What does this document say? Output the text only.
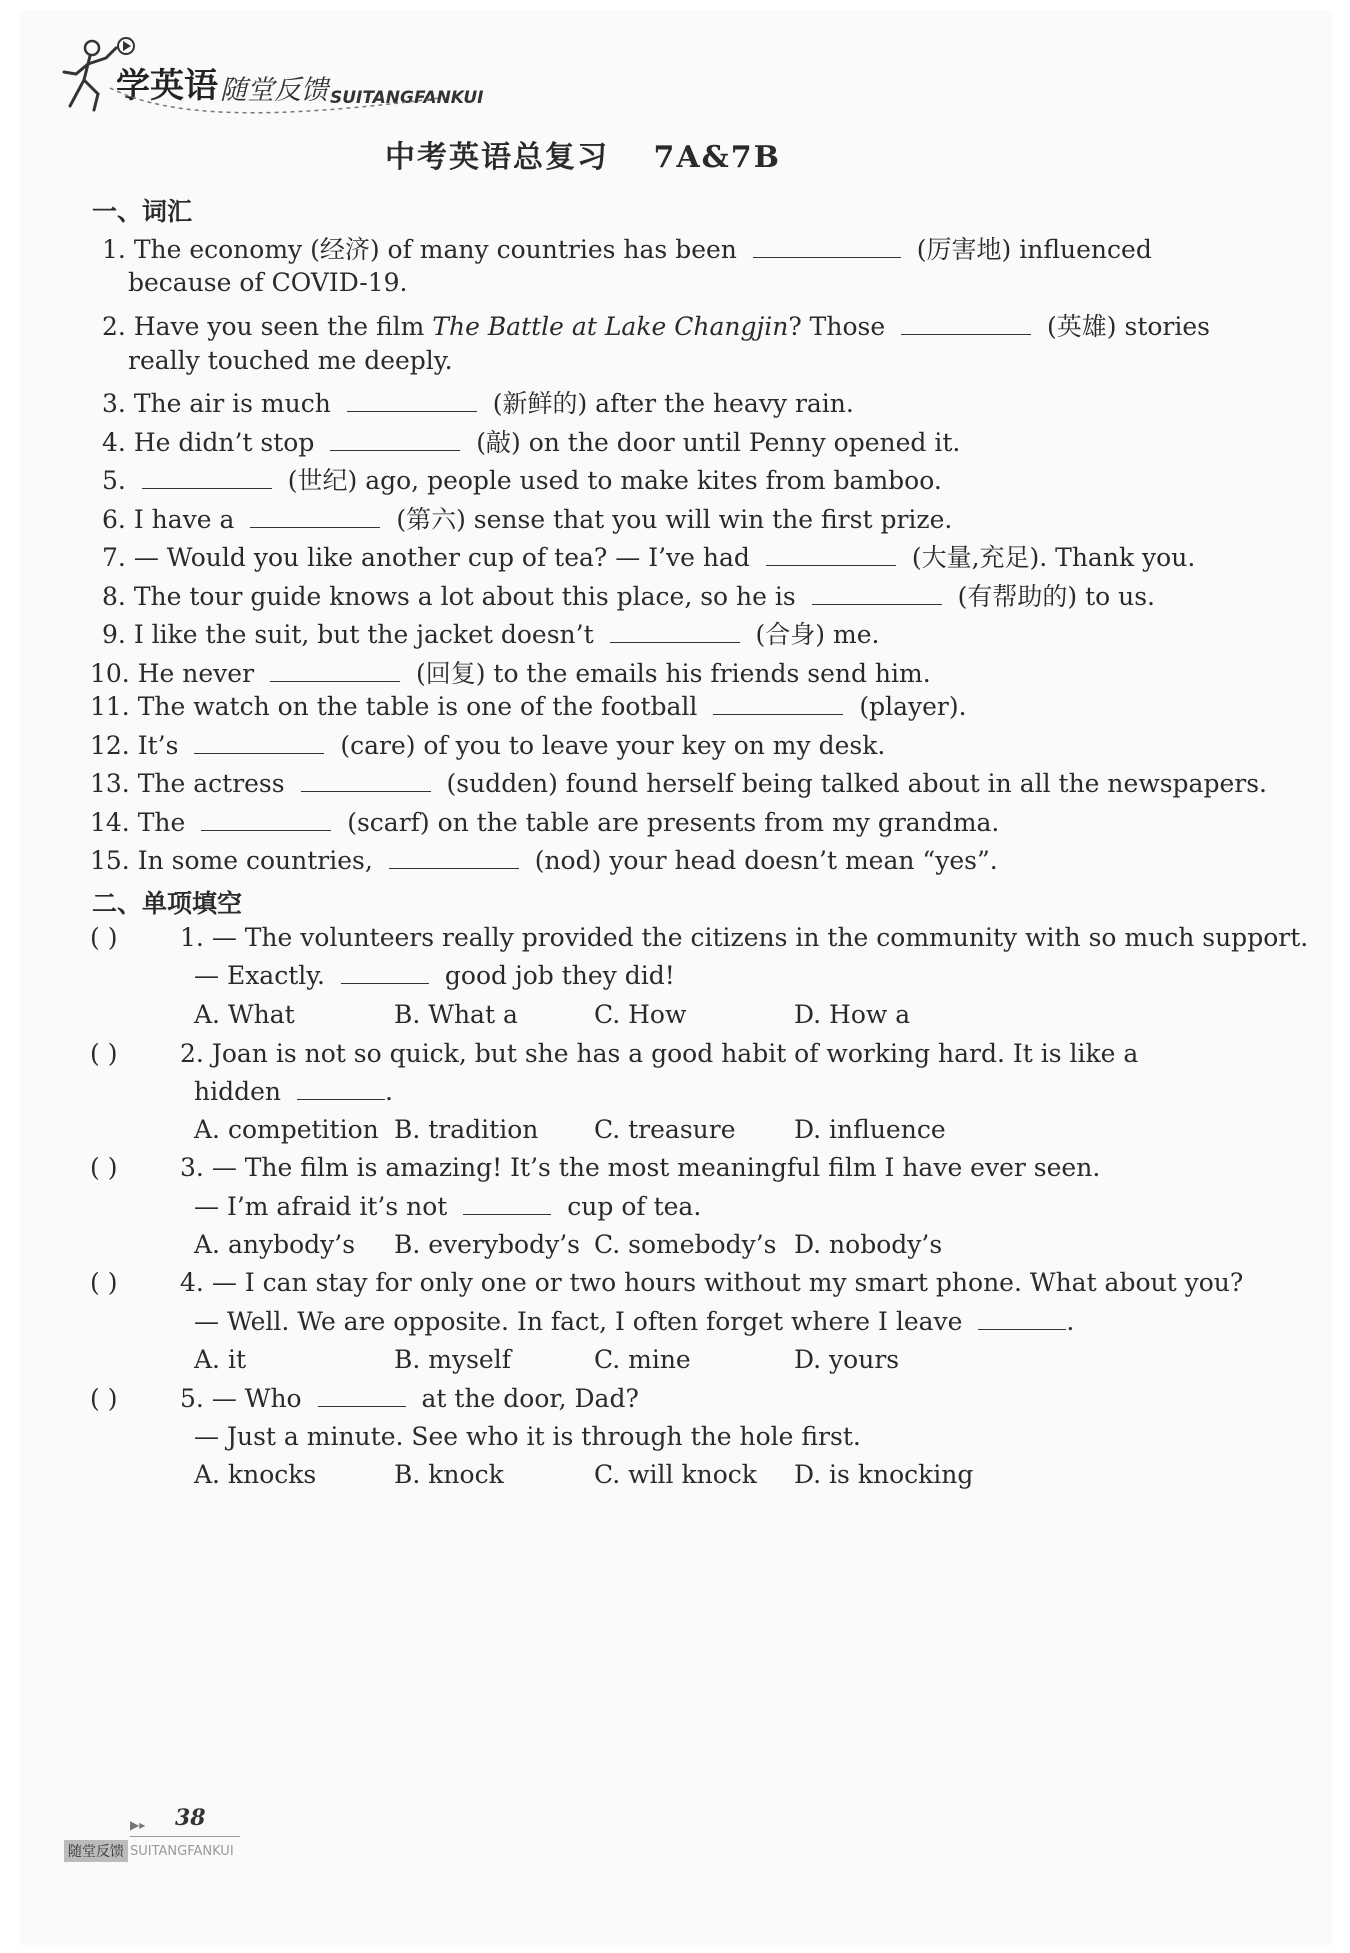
学英语 随堂反馈 SUITANGFANKUI
中考英语总复习 7A&7B
一、词汇
1. The economy (经济) of many countries has been	(厉害地) influenced
because of COVID-19.
2. Have you seen the film The Battle at Lake Changjin? Those	(英雄) stories
really touched me deeply.
3. The air is much	(新鲜的) after the heavy rain.
4. He didn’t stop	(敲) on the door until Penny opened it.
5.	(世纪) ago, people used to make kites from bamboo.
6. I have a	(第六) sense that you will win the first prize.
7. — Would you like another cup of tea? — I’ve had	(大量,充足). Thank you.
8. The tour guide knows a lot about this place, so he is	(有帮助的) to us.
9. I like the suit, but the jacket doesn’t	(合身) me.
10. He never	(回复) to the emails his friends send him.
11. The watch on the table is one of the football	(player).
12. It’s	(care) of you to leave your key on my desk.
13. The actress	(sudden) found herself being talked about in all the newspapers.
14. The	(scarf) on the table are presents from my grandma.
15. In some countries,	(nod) your head doesn’t mean “yes”.
二、单项填空
( )	1. — The volunteers really provided the citizens in the community with so much support.
— Exactly.	good job they did!
A. What	B. What a	C. How	D. How a
( )	2. Joan is not so quick, but she has a good habit of working hard. It is like a
hidden	.
A. competition B. tradition C. treasure D. influence
( )	3. — The film is amazing! It’s the most meaningful film I have ever seen.
— I’m afraid it’s not	cup of tea.
A. anybody’s B. everybody’s C. somebody’s D. nobody’s
( )	4. — I can stay for only one or two hours without my smart phone. What about you?
— Well. We are opposite. In fact, I often forget where I leave	.
A. it	B. myself	C. mine	D. yours
( )	5. — Who	at the door, Dad?
— Just a minute. See who it is through the hole first.
A. knocks	B. knock	C. will knock D. is knocking
▶▸ 38
随堂反馈 SUITANGFANKUI
